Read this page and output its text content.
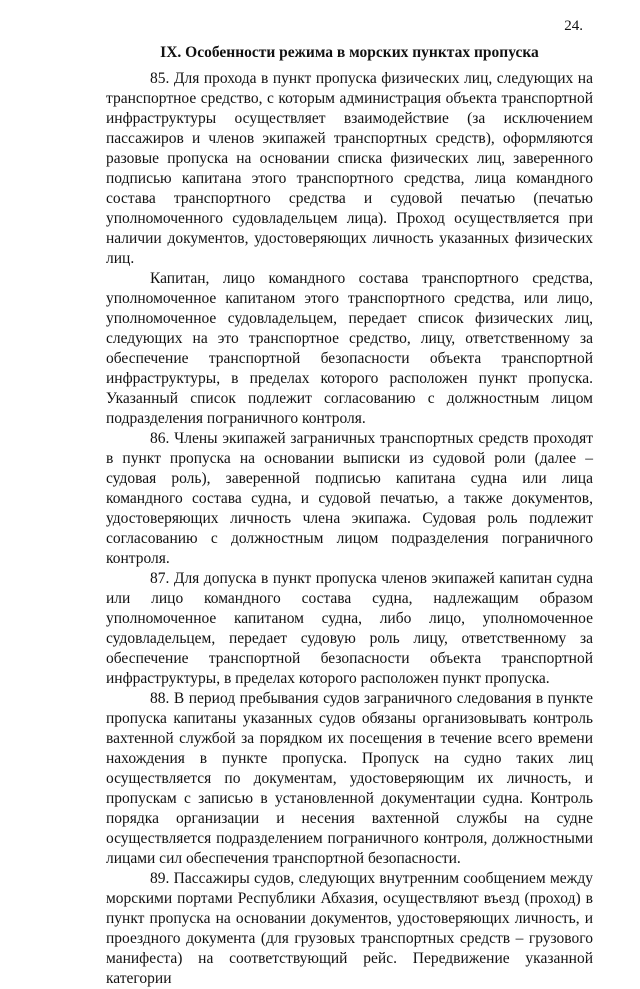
24.
IX. Особенности режима в морских пунктах пропуска

85. Для прохода в пункт пропуска физических лиц, следующих на транспортное средство, с которым администрация объекта транспортной инфраструктуры осуществляет взаимодействие (за исключением пассажиров и членов экипажей транспортных средств), оформляются разовые пропуска на основании списка физических лиц, заверенного подписью капитана этого транспортного средства, лица командного состава транспортного средства и судовой печатью (печатью уполномоченного судовладельцем лица). Проход осуществляется при наличии документов, удостоверяющих личность указанных физических лиц.

Капитан, лицо командного состава транспортного средства, уполномоченное капитаном этого транспортного средства, или лицо, уполномоченное судовладельцем, передает список физических лиц, следующих на это транспортное средство, лицу, ответственному за обеспечение транспортной безопасности объекта транспортной инфраструктуры, в пределах которого расположен пункт пропуска. Указанный список подлежит согласованию с должностным лицом подразделения пограничного контроля.

86. Члены экипажей заграничных транспортных средств проходят в пункт пропуска на основании выписки из судовой роли (далее – судовая роль), заверенной подписью капитана судна или лица командного состава судна, и судовой печатью, а также документов, удостоверяющих личность члена экипажа. Судовая роль подлежит согласованию с должностным лицом подразделения пограничного контроля.

87. Для допуска в пункт пропуска членов экипажей капитан судна или лицо командного состава судна, надлежащим образом уполномоченное капитаном судна, либо лицо, уполномоченное судовладельцем, передает судовую роль лицу, ответственному за обеспечение транспортной безопасности объекта транспортной инфраструктуры, в пределах которого расположен пункт пропуска.

88. В период пребывания судов заграничного следования в пункте пропуска капитаны указанных судов обязаны организовывать контроль вахтенной службой за порядком их посещения в течение всего времени нахождения в пункте пропуска. Пропуск на судно таких лиц осуществляется по документам, удостоверяющим их личность, и пропускам с записью в установленной документации судна. Контроль порядка организации и несения вахтенной службы на судне осуществляется подразделением пограничного контроля, должностными лицами сил обеспечения транспортной безопасности.

89. Пассажиры судов, следующих внутренним сообщением между морскими портами Республики Абхазия, осуществляют въезд (проход) в пункт пропуска на основании документов, удостоверяющих личность, и проездного документа (для грузовых транспортных средств – грузового манифеста) на соответствующий рейс. Передвижение указанной категории
